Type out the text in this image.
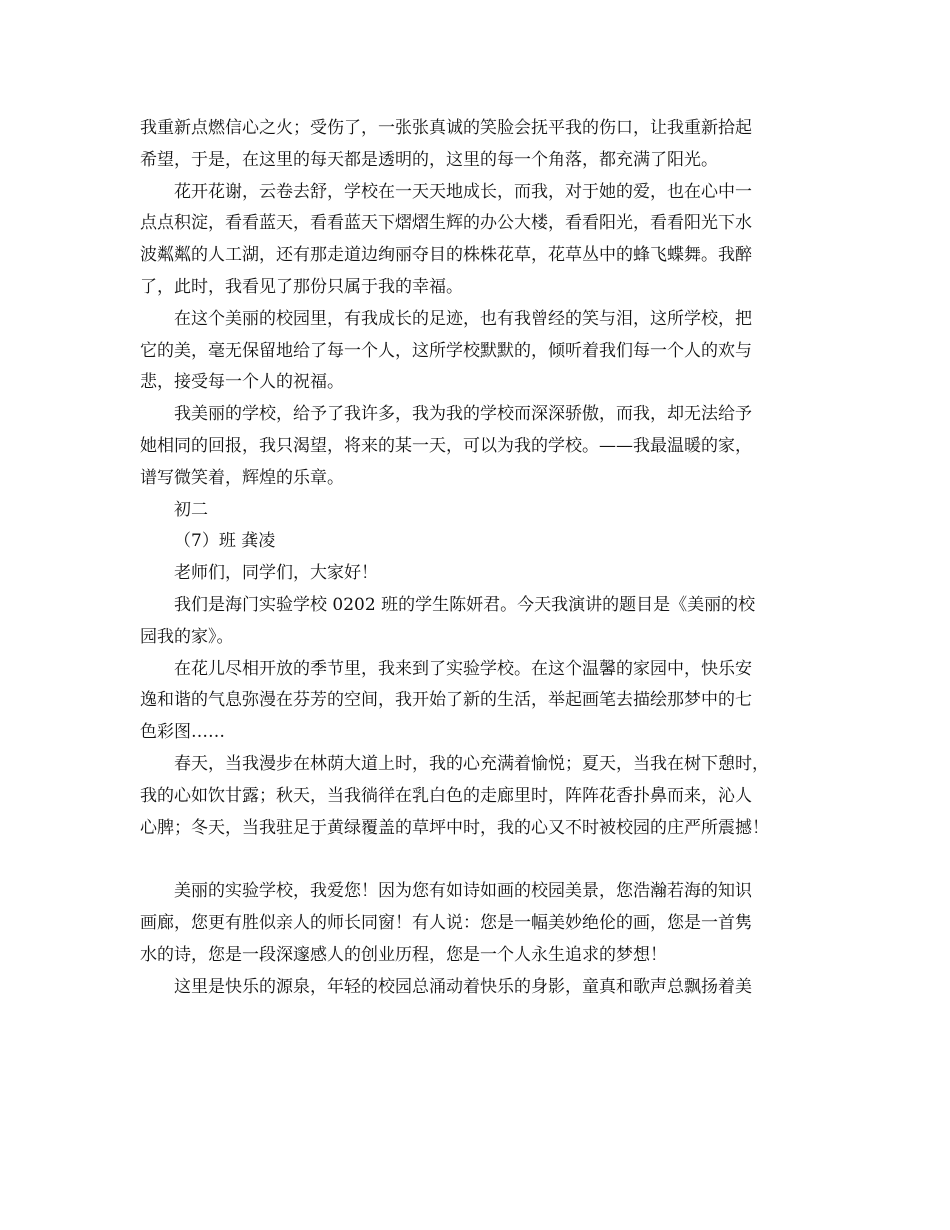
我重新点燃信心之火；受伤了，一张张真诚的笑脸会抚平我的伤口，让我重新拾起
希望，于是，在这里的每天都是透明的，这里的每一个角落，都充满了阳光。

花开花谢，云卷去舒，学校在一天天地成长，而我，对于她的爱，也在心中一
点点积淀，看看蓝天，看看蓝天下熠熠生辉的办公大楼，看看阳光，看看阳光下水
波粼粼的人工湖，还有那走道边绚丽夺目的株株花草，花草丛中的蜂飞蝶舞。我醉
了，此时，我看见了那份只属于我的幸福。

在这个美丽的校园里，有我成长的足迹，也有我曾经的笑与泪，这所学校，把
它的美，毫无保留地给了每一个人，这所学校默默的，倾听着我们每一个人的欢与
悲，接受每一个人的祝福。

我美丽的学校，给予了我许多，我为我的学校而深深骄傲，而我，却无法给予
她相同的回报，我只渴望，将来的某一天，可以为我的学校。——我最温暖的家，
谱写微笑着，辉煌的乐章。

初二

（7）班 龚凌

老师们，同学们，大家好！

我们是海门实验学校 0202 班的学生陈妍君。今天我演讲的题目是《美丽的校
园我的家》。

在花儿尽相开放的季节里，我来到了实验学校。在这个温馨的家园中，快乐安
逸和谐的气息弥漫在芬芳的空间，我开始了新的生活，举起画笔去描绘那梦中的七
色彩图……

春天，当我漫步在林荫大道上时，我的心充满着愉悦；夏天，当我在树下憩时，
我的心如饮甘露；秋天，当我徜徉在乳白色的走廊里时，阵阵花香扑鼻而来，沁人
心脾；冬天，当我驻足于黄绿覆盖的草坪中时，我的心又不时被校园的庄严所震撼！

美丽的实验学校，我爱您！因为您有如诗如画的校园美景，您浩瀚若海的知识
画廊，您更有胜似亲人的师长同窗！有人说：您是一幅美妙绝伦的画，您是一首隽
水的诗，您是一段深邃感人的创业历程，您是一个人永生追求的梦想！

这里是快乐的源泉，年轻的校园总涌动着快乐的身影，童真和歌声总飘扬着美
